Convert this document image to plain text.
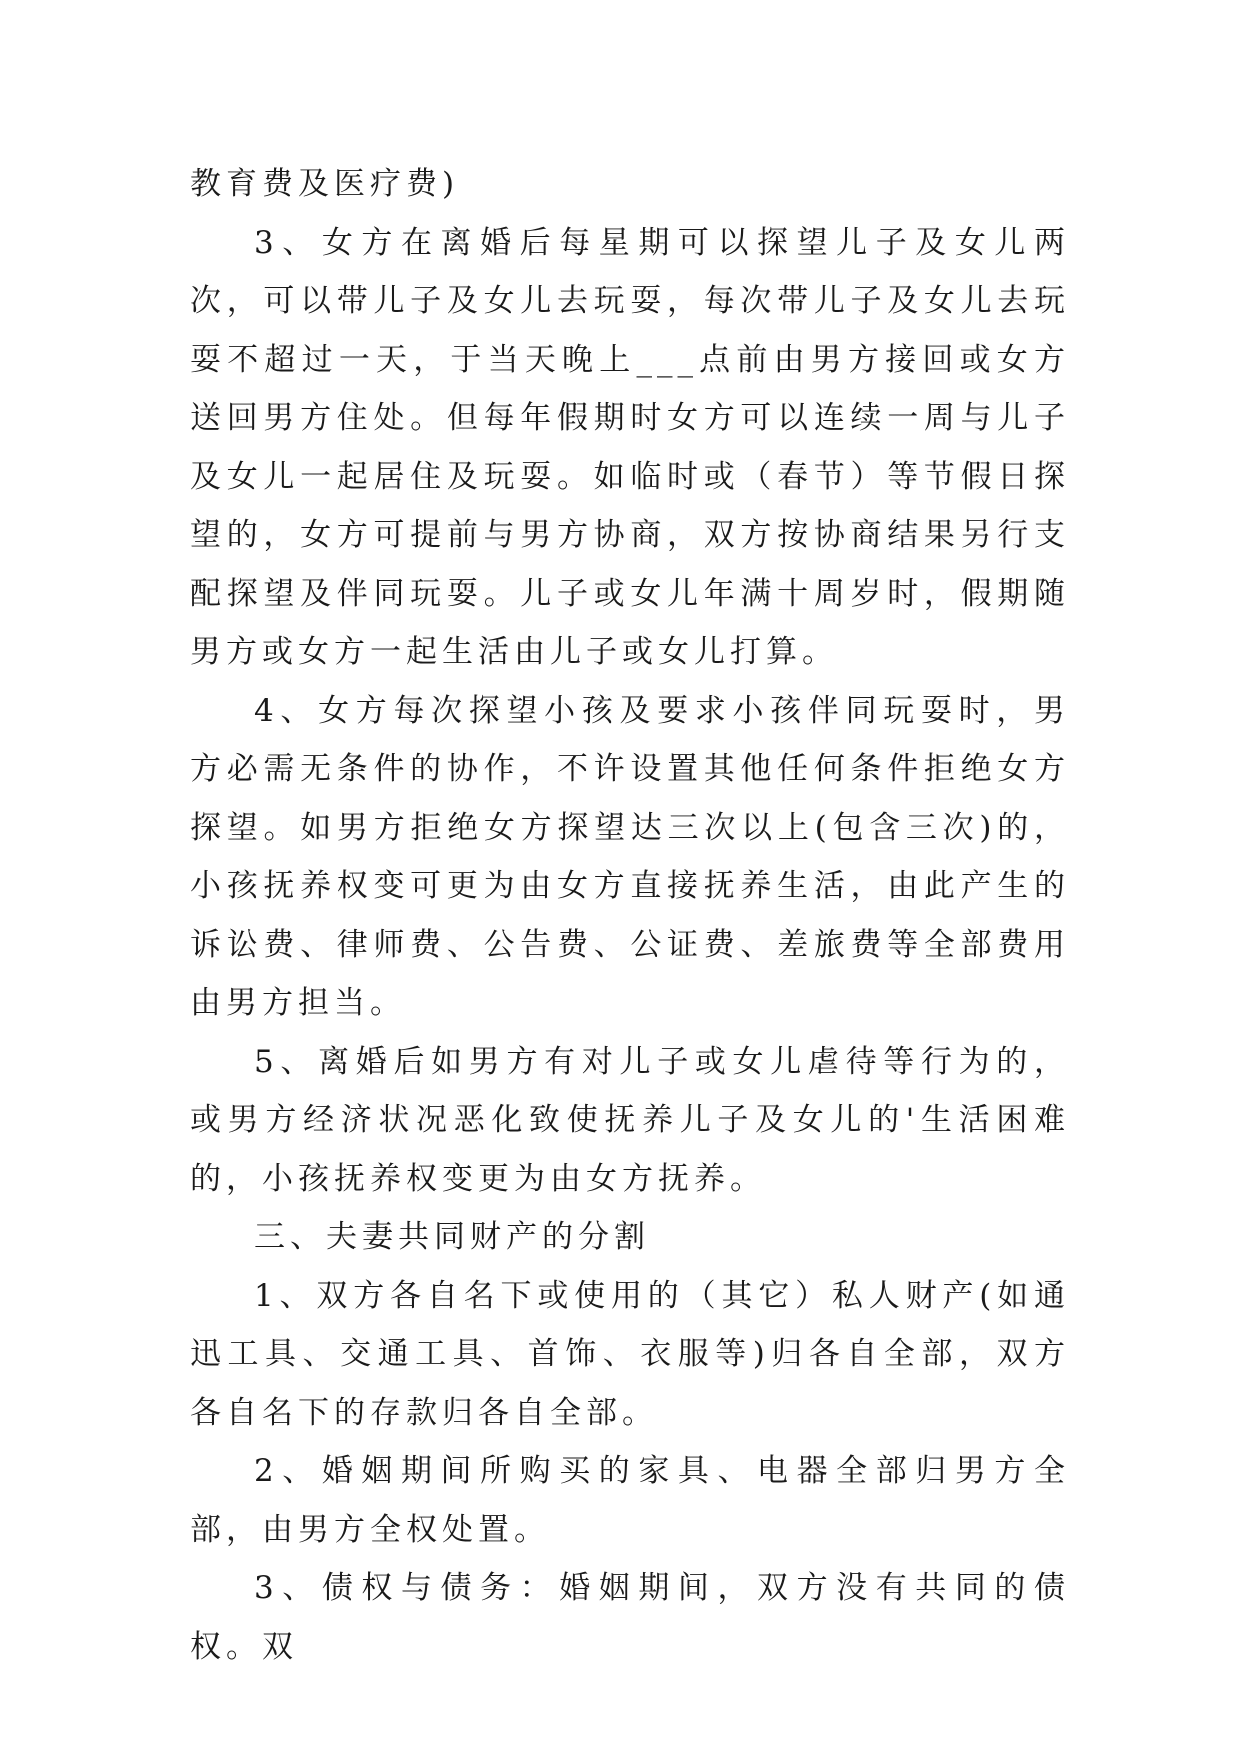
教育费及医疗费)

3、女方在离婚后每星期可以探望儿子及女儿两次，可以带儿子及女儿去玩耍，每次带儿子及女儿去玩耍不超过一天，于当天晚上___点前由男方接回或女方送回男方住处。但每年假期时女方可以连续一周与儿子及女儿一起居住及玩耍。如临时或（春节）等节假日探望的，女方可提前与男方协商，双方按协商结果另行支配探望及伴同玩耍。儿子或女儿年满十周岁时，假期随男方或女方一起生活由儿子或女儿打算。

4、女方每次探望小孩及要求小孩伴同玩耍时，男方必需无条件的协作，不许设置其他任何条件拒绝女方探望。如男方拒绝女方探望达三次以上(包含三次)的，小孩抚养权变可更为由女方直接抚养生活，由此产生的诉讼费、律师费、公告费、公证费、差旅费等全部费用由男方担当。

5、离婚后如男方有对儿子或女儿虐待等行为的，或男方经济状况恶化致使抚养儿子及女儿的'生活困难的，小孩抚养权变更为由女方抚养。

三、夫妻共同财产的分割

1、双方各自名下或使用的（其它）私人财产(如通迅工具、交通工具、首饰、衣服等)归各自全部，双方各自名下的存款归各自全部。

2、婚姻期间所购买的家具、电器全部归男方全部，由男方全权处置。

3、债权与债务：婚姻期间，双方没有共同的债权。双
